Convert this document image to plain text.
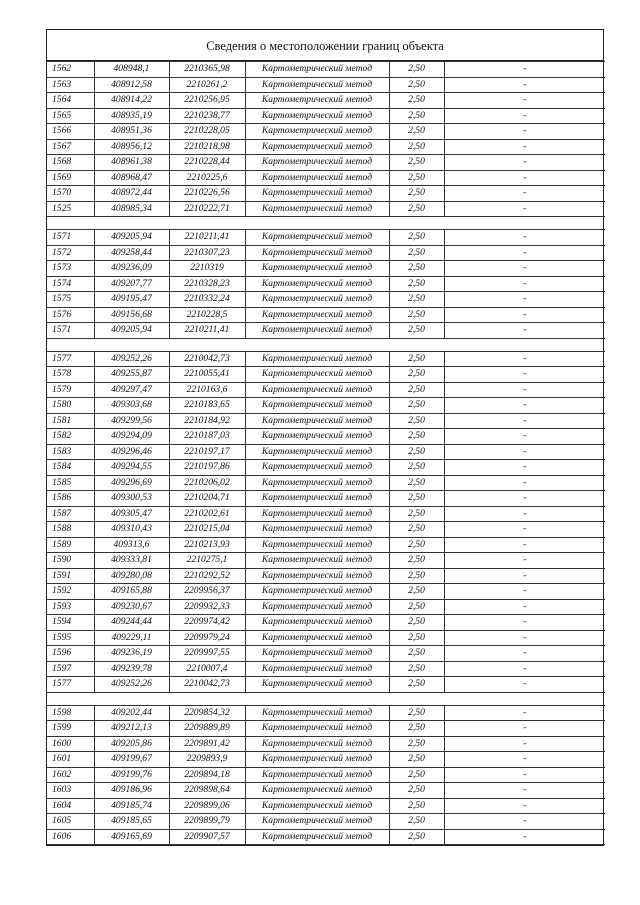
Сведения о местоположении границ объекта
1562	408948,1	2210365,98	Картометрический метод	2,50	-
1563	408912,58	2210261,2	Картометрический метод	2,50	-
1564	408914,22	2210256,95	Картометрический метод	2,50	-
1565	408935,19	2210238,77	Картометрический метод	2,50	-
1566	408951,36	2210228,05	Картометрический метод	2,50	-
1567	408956,12	2210218,98	Картометрический метод	2,50	-
1568	408961,38	2210228,44	Картометрический метод	2,50	-
1569	408968,47	2210225,6	Картометрический метод	2,50	-
1570	408972,44	2210226,56	Картометрический метод	2,50	-
1525	408985,34	2210222,71	Картометрический метод	2,50	-

1571	409205,94	2210211,41	Картометрический метод	2,50	-
1572	409258,44	2210307,23	Картометрический метод	2,50	-
1573	409236,09	2210319	Картометрический метод	2,50	-
1574	409207,77	2210328,23	Картометрический метод	2,50	-
1575	409195,47	2210332,24	Картометрический метод	2,50	-
1576	409156,68	2210228,5	Картометрический метод	2,50	-
1571	409205,94	2210211,41	Картометрический метод	2,50	-

1577	409252,26	2210042,73	Картометрический метод	2,50	-
1578	409255,87	2210055,41	Картометрический метод	2,50	-
1579	409297,47	2210163,6	Картометрический метод	2,50	-
1580	409303,68	2210183,65	Картометрический метод	2,50	-
1581	409299,56	2210184,92	Картометрический метод	2,50	-
1582	409294,09	2210187,03	Картометрический метод	2,50	-
1583	409296,46	2210197,17	Картометрический метод	2,50	-
1584	409294,55	2210197,86	Картометрический метод	2,50	-
1585	409296,69	2210206,02	Картометрический метод	2,50	-
1586	409300,53	2210204,71	Картометрический метод	2,50	-
1587	409305,47	2210202,61	Картометрический метод	2,50	-
1588	409310,43	2210215,04	Картометрический метод	2,50	-
1589	409313,6	2210213,93	Картометрический метод	2,50	-
1590	409333,81	2210275,1	Картометрический метод	2,50	-
1591	409280,08	2210292,52	Картометрический метод	2,50	-
1592	409165,88	2209956,37	Картометрический метод	2,50	-
1593	409230,67	2209932,33	Картометрический метод	2,50	-
1594	409244,44	2209974,42	Картометрический метод	2,50	-
1595	409229,11	2209979,24	Картометрический метод	2,50	-
1596	409236,19	2209997,55	Картометрический метод	2,50	-
1597	409239,78	2210007,4	Картометрический метод	2,50	-
1577	409252,26	2210042,73	Картометрический метод	2,50	-

1598	409202,44	2209854,32	Картометрический метод	2,50	-
1599	409212,13	2209889,89	Картометрический метод	2,50	-
1600	409205,86	2209891,42	Картометрический метод	2,50	-
1601	409199,67	2209893,9	Картометрический метод	2,50	-
1602	409199,76	2209894,18	Картометрический метод	2,50	-
1603	409186,96	2209898,64	Картометрический метод	2,50	-
1604	409185,74	2209899,06	Картометрический метод	2,50	-
1605	409185,65	2209899,79	Картометрический метод	2,50	-
1606	409165,69	2209907,57	Картометрический метод	2,50	-
